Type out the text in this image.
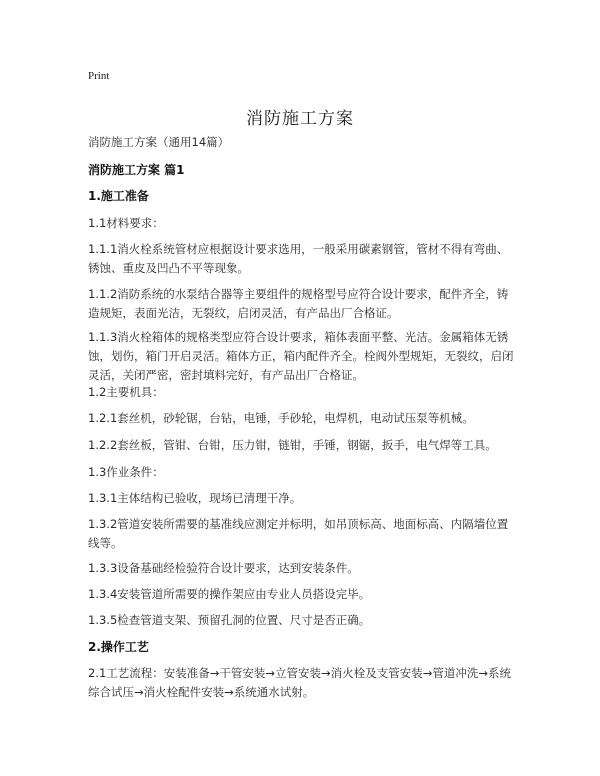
Print
消防施工方案

消防施工方案（通用14篇）

消防施工方案 篇1

1.施工准备

1.1材料要求：

1.1.1消火栓系统管材应根据设计要求选用，一般采用碳素钢管，管材不得有弯曲、锈蚀、重皮及凹凸不平等现象。

1.1.2消防系统的水泵结合器等主要组件的规格型号应符合设计要求，配件齐全，铸造规矩，表面光洁，无裂纹，启闭灵活，有产品出厂合格证。

1.1.3消火栓箱体的规格类型应符合设计要求，箱体表面平整、光洁。金属箱体无锈蚀，划伤，箱门开启灵活。箱体方正，箱内配件齐全。栓阀外型规矩，无裂纹，启闭灵活，关闭严密，密封填料完好，有产品出厂合格证。

1.2主要机具：

1.2.1套丝机，砂轮锯，台钻，电锤，手砂轮，电焊机，电动试压泵等机械。

1.2.2套丝板，管钳、台钳，压力钳，链钳，手锤，钢锯，扳手，电气焊等工具。

1.3作业条件：

1.3.1主体结构已验收，现场已清理干净。

1.3.2管道安装所需要的基准线应测定并标明，如吊顶标高、地面标高、内隔墙位置线等。

1.3.3设备基础经检验符合设计要求，达到安装条件。

1.3.4安装管道所需要的操作架应由专业人员搭设完毕。

1.3.5检查管道支架、预留孔洞的位置、尺寸是否正确。

2.操作工艺

2.1工艺流程：安装准备→干管安装→立管安装→消火栓及支管安装→管道冲洗→系统综合试压→消火栓配件安装→系统通水试射。
